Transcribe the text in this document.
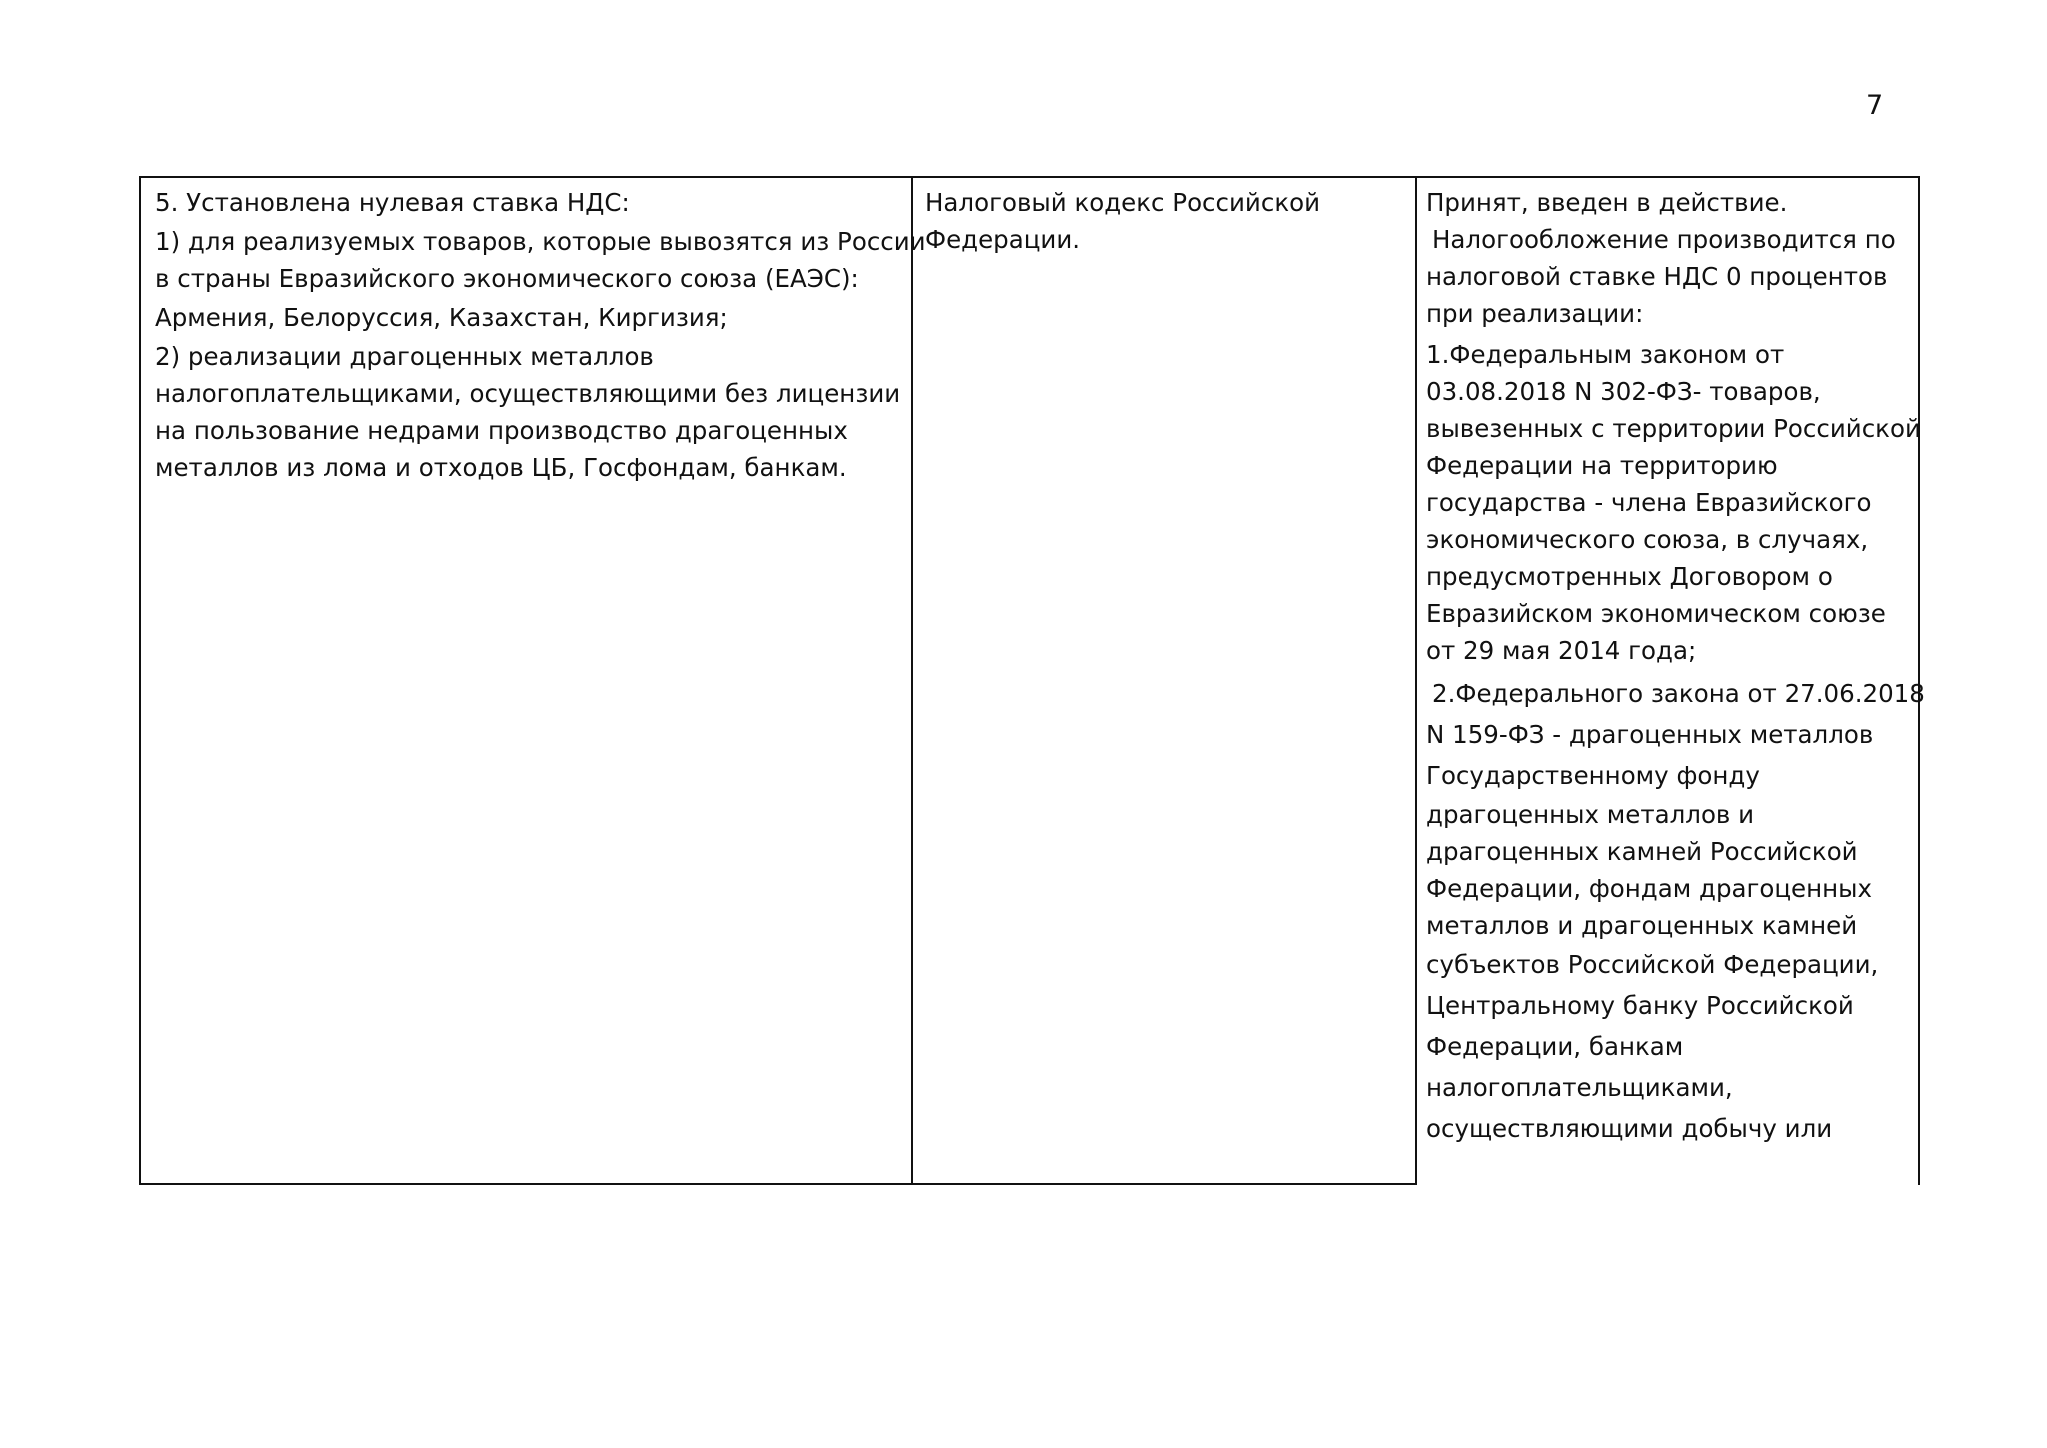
7

5. Установлена нулевая ставка НДС:

1) для реализуемых товаров, которые вывозятся из России
в страны Евразийского экономического союза (ЕАЭС):

Армения, Белоруссия, Казахстан, Киргизия;

2) реализации драгоценных металлов
налогоплательщиками, осуществляющими без лицензии
на пользование недрами производство драгоценных
металлов из лома и отходов ЦБ, Госфондам, банкам.

Налоговый кодекс Российской
Федерации.

Принят, введен в действие.

Налогообложение производится по
налоговой ставке НДС 0 процентов
при реализации:

1.Федеральным законом от
03.08.2018 N 302-ФЗ- товаров,
вывезенных с территории Российской
Федерации на территорию
государства - члена Евразийского
экономического союза, в случаях,
предусмотренных Договором о
Евразийском экономическом союзе
от 29 мая 2014 года;

2.Федерального закона от 27.06.2018
N 159-ФЗ - драгоценных металлов
Государственному фонду
драгоценных металлов и
драгоценных камней Российской
Федерации, фондам драгоценных
металлов и драгоценных камней
субъектов Российской Федерации,
Центральному банку Российской
Федерации, банкам
налогоплательщиками,
осуществляющими добычу или
